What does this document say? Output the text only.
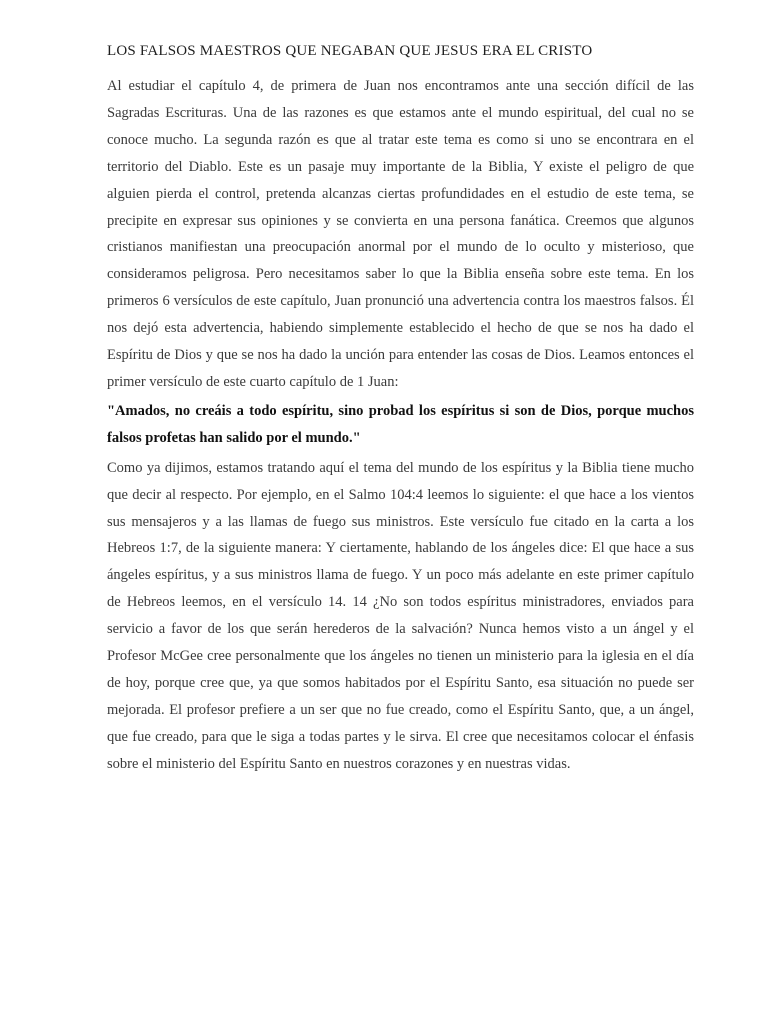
LOS FALSOS MAESTROS QUE NEGABAN QUE JESUS ERA EL CRISTO

Al estudiar el capítulo 4, de primera de Juan nos encontramos ante una sección difícil de las Sagradas Escrituras. Una de las razones es que estamos ante el mundo espiritual, del cual no se conoce mucho. La segunda razón es que al tratar este tema es como si uno se encontrara en el territorio del Diablo. Este es un pasaje muy importante de la Biblia, Y existe el peligro de que alguien pierda el control, pretenda alcanzas ciertas profundidades en el estudio de este tema, se precipite en expresar sus opiniones y se convierta en una persona fanática. Creemos que algunos cristianos manifiestan una preocupación anormal por el mundo de lo oculto y misterioso, que consideramos peligrosa. Pero necesitamos saber lo que la Biblia enseña sobre este tema. En los primeros 6 versículos de este capítulo, Juan pronunció una advertencia contra los maestros falsos. Él nos dejó esta advertencia, habiendo simplemente establecido el hecho de que se nos ha dado el Espíritu de Dios y que se nos ha dado la unción para entender las cosas de Dios. Leamos entonces el primer versículo de este cuarto capítulo de 1 Juan:

"Amados, no creáis a todo espíritu, sino probad los espíritus si son de Dios, porque muchos falsos profetas han salido por el mundo."

Como ya dijimos, estamos tratando aquí el tema del mundo de los espíritus y la Biblia tiene mucho que decir al respecto. Por ejemplo, en el Salmo 104:4 leemos lo siguiente: el que hace a los vientos sus mensajeros y a las llamas de fuego sus ministros. Este versículo fue citado en la carta a los Hebreos 1:7, de la siguiente manera: Y ciertamente, hablando de los ángeles dice: El que hace a sus ángeles espíritus, y a sus ministros llama de fuego. Y un poco más adelante en este primer capítulo de Hebreos leemos, en el versículo 14. 14 ¿No son todos espíritus ministradores, enviados para servicio a favor de los que serán herederos de la salvación? Nunca hemos visto a un ángel y el Profesor McGee cree personalmente que los ángeles no tienen un ministerio para la iglesia en el día de hoy, porque cree que, ya que somos habitados por el Espíritu Santo, esa situación no puede ser mejorada. El profesor prefiere a un ser que no fue creado, como el Espíritu Santo, que, a un ángel, que fue creado, para que le siga a todas partes y le sirva. El cree que necesitamos colocar el énfasis sobre el ministerio del Espíritu Santo en nuestros corazones y en nuestras vidas.
